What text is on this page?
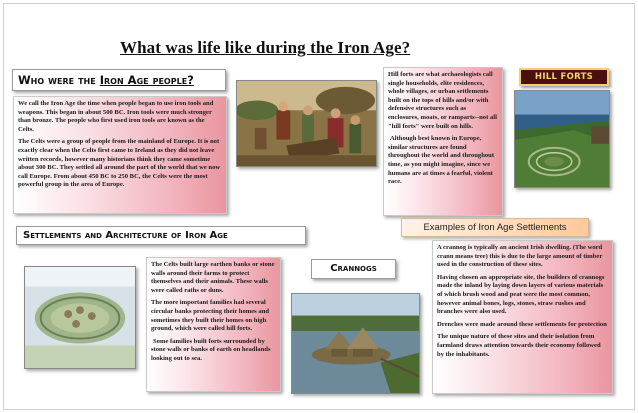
What was life like during the Iron Age?
Who were the Iron Age people?

We call the Iron Age the time when people began to use iron tools and weapons. This began in about 500 BC. Iron tools were much stronger than bronze. The people who first used iron tools are known as the Celts.

The Celts were a group of people from the mainland of Europe. It is not exactly clear when the Celts first came to Ireland as they did not leave written records, however many historians think they came sometime about 300 BC. They settled all around the part of the world that we now call Europe. From about 450 BC to 250 BC, the Celts were the most powerful group in the area of Europe.

Hill forts are what archaeologists call single households, elite residences, whole villages, or urban settlements built on the tops of hills and/or with defensive structures such as enclosures, moats, or ramparts--not all "hill forts" were built on hills.

Although best known in Europe, similar structures are found throughout the world and throughout time, as you might imagine, since we humans are at times a fearful, violent race.

HILL FORTS
Settlements and Architecture of Iron Age

The Celts built large earthen banks or stone walls around their farms to protect themselves and their animals. These walls were called raths or duns.

The more important families had several circular banks protecting their homes and sometimes they built their homes on high ground, which were called hill forts.

Some families built forts surrounded by stone walls or banks of earth on headlands looking out to sea.

Crannogs
Examples of Iron Age Settlements

A crannog is typically an ancient Irish dwelling. (The word crann means tree) this is due to the large amount of timber used in the construction of these sites.

Having chosen an appropriate site, the builders of crannogs made the inland by laying down layers of various materials of which brush wood and peat were the most common, however animal bones, logs, stones, straw rushes and branches were also used.

Drenches were made around these settlements for protection

The unique nature of these sites and their isolation from farmland draws attention towards their economy followed by the inhabitants.
